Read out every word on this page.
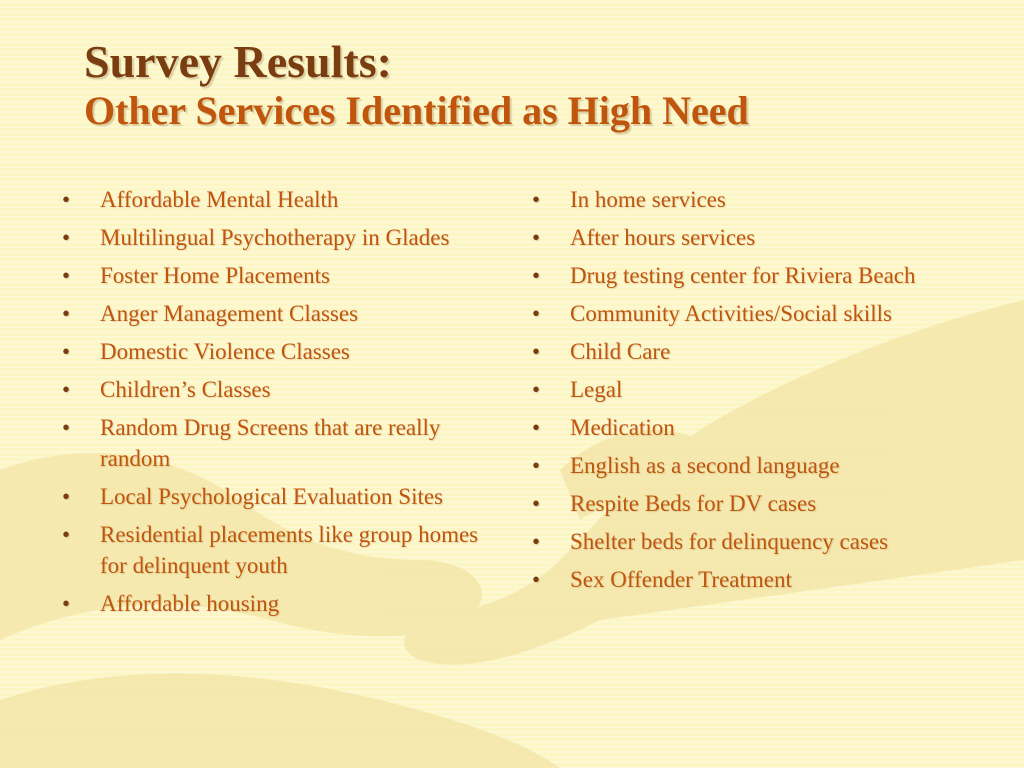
Survey Results:
Other Services Identified as High Need
•	Affordable Mental Health
•	Multilingual Psychotherapy in Glades
•	Foster Home Placements
•	Anger Management Classes
•	Domestic Violence Classes
•	Children’s Classes
•	Random Drug Screens that are really random
•	Local Psychological Evaluation Sites
•	Residential placements like group homes for delinquent youth
•	Affordable housing
•	In home services
•	After hours services
•	Drug testing center for Riviera Beach
•	Community Activities/Social skills
•	Child Care
•	Legal
•	Medication
•	English as a second language
•	Respite Beds for DV cases
•	Shelter beds for delinquency cases
•	Sex Offender Treatment
